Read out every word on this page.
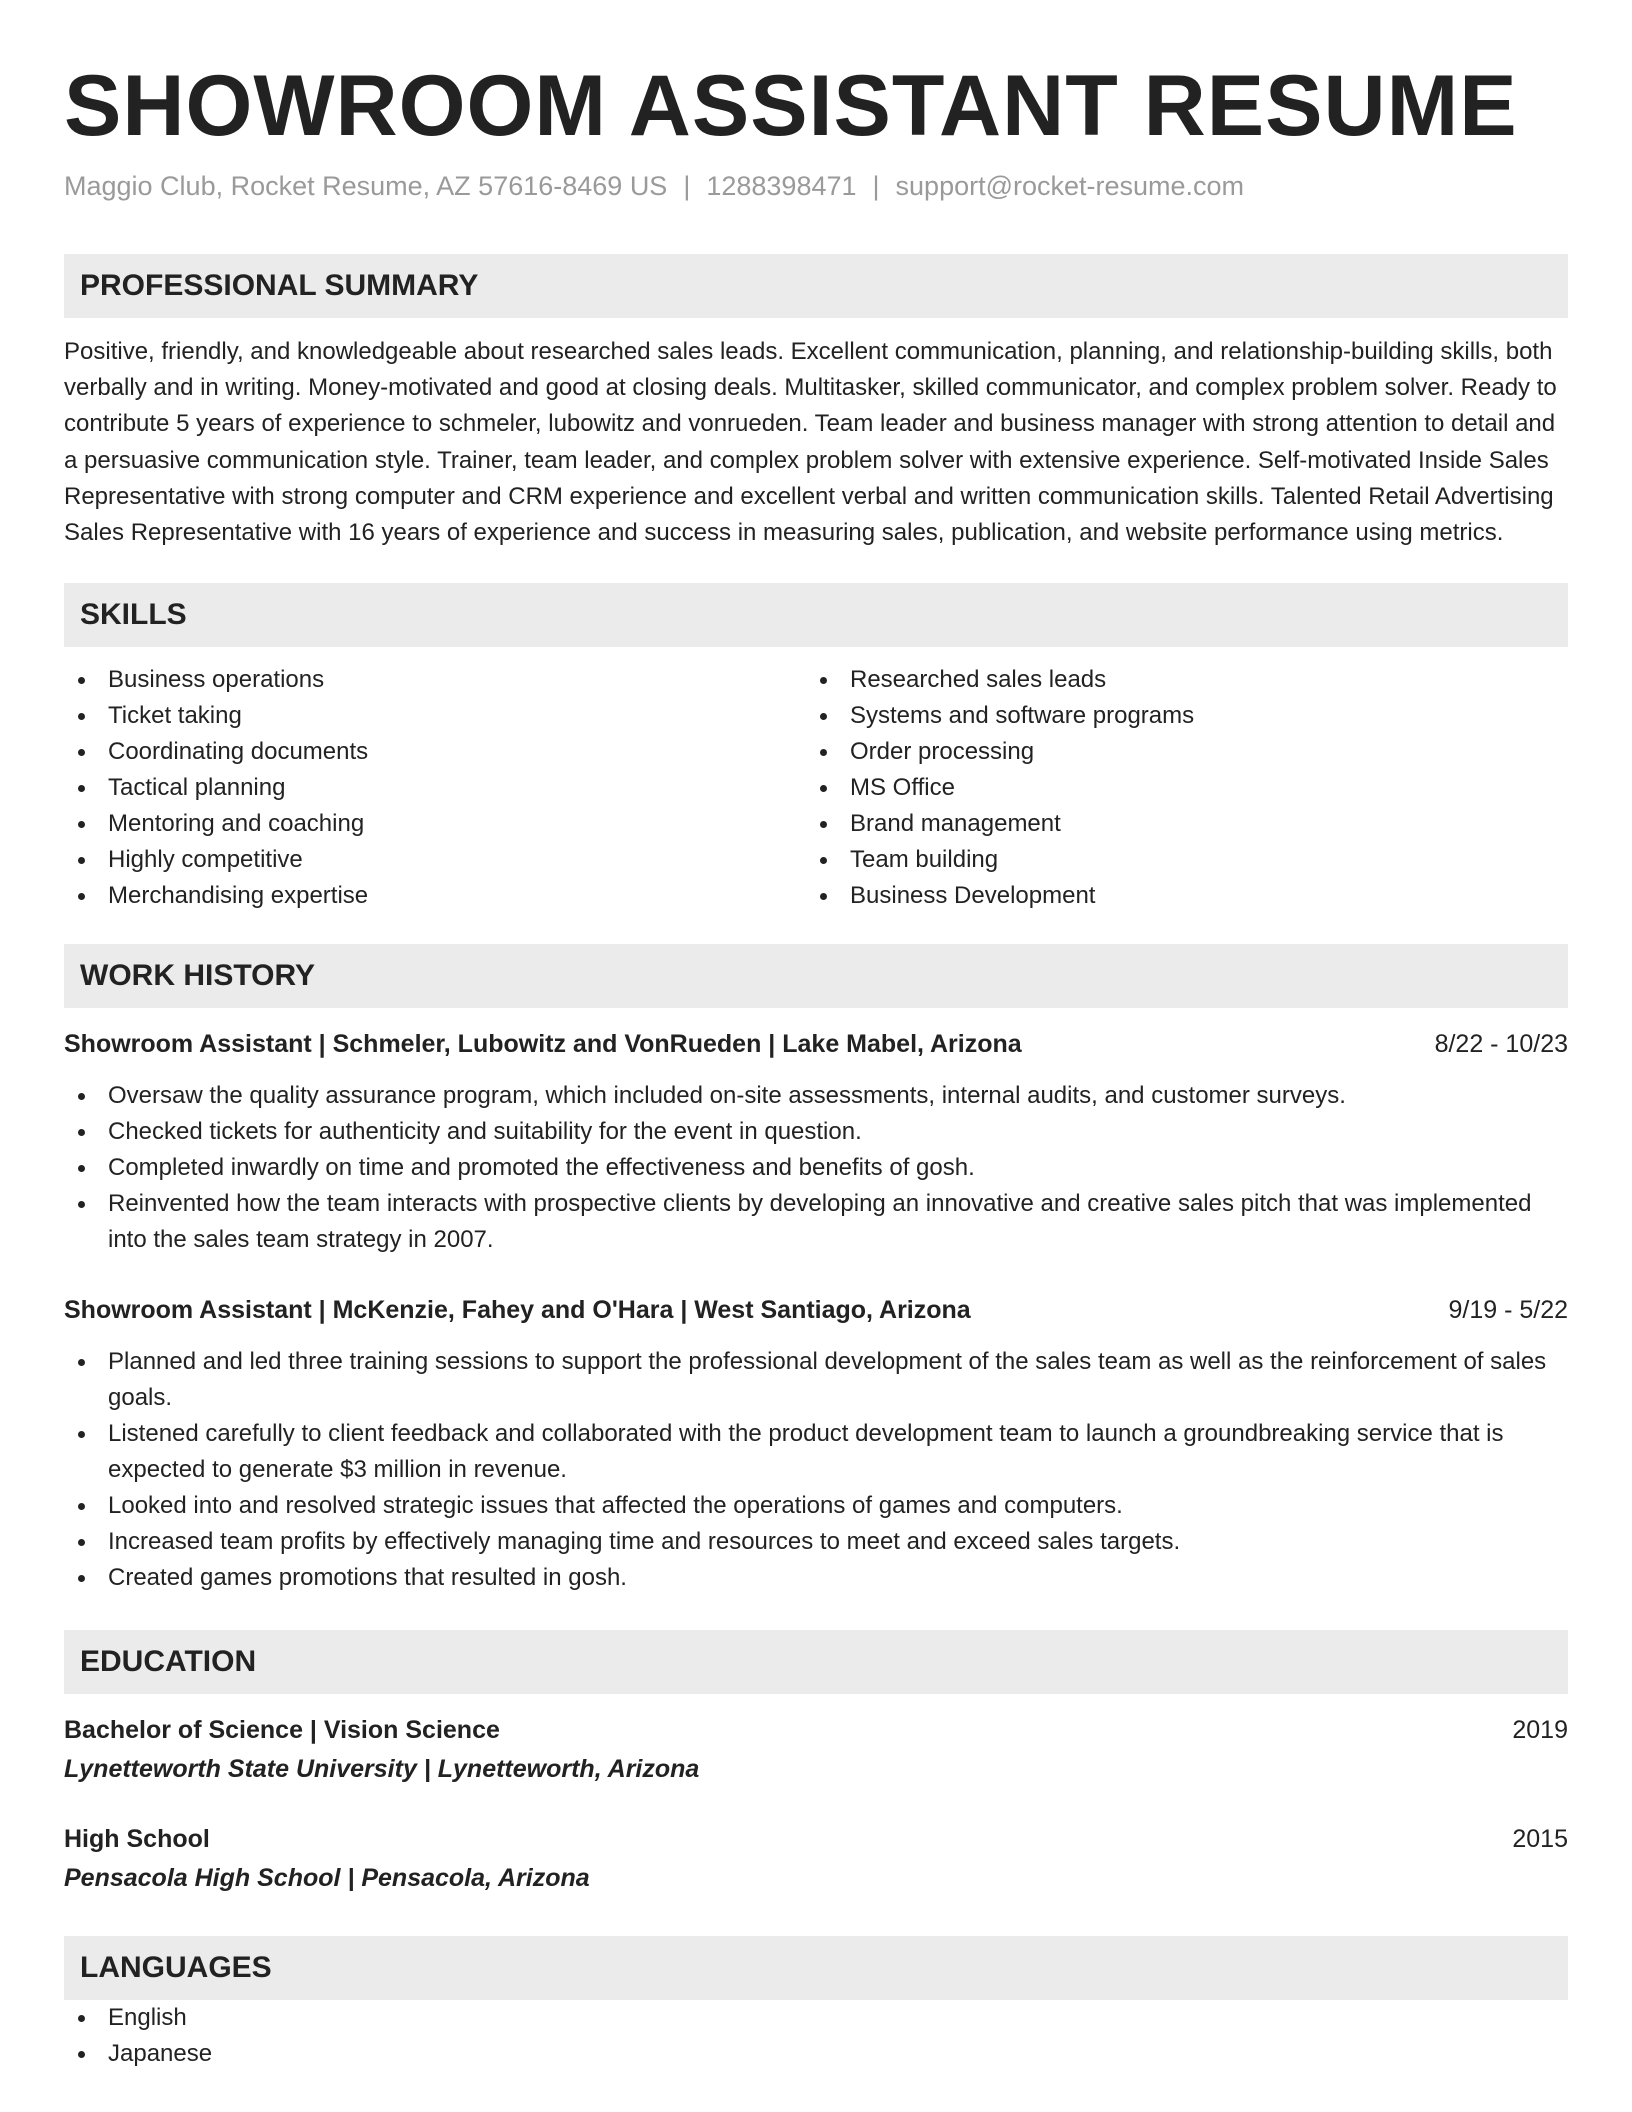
SHOWROOM ASSISTANT RESUME
Maggio Club, Rocket Resume, AZ 57616-8469 US | 1288398471 | support@rocket-resume.com
PROFESSIONAL SUMMARY

Positive, friendly, and knowledgeable about researched sales leads. Excellent communication, planning, and relationship-building skills, both verbally and in writing. Money-motivated and good at closing deals. Multitasker, skilled communicator, and complex problem solver. Ready to contribute 5 years of experience to schmeler, lubowitz and vonrueden. Team leader and business manager with strong attention to detail and a persuasive communication style. Trainer, team leader, and complex problem solver with extensive experience. Self-motivated Inside Sales Representative with strong computer and CRM experience and excellent verbal and written communication skills. Talented Retail Advertising Sales Representative with 16 years of experience and success in measuring sales, publication, and website performance using metrics.

SKILLS
Business operations
Ticket taking
Coordinating documents
Tactical planning
Mentoring and coaching
Highly competitive
Merchandising expertise
Researched sales leads
Systems and software programs
Order processing
MS Office
Brand management
Team building
Business Development
WORK HISTORY
Showroom Assistant | Schmeler, Lubowitz and VonRueden | Lake Mabel, Arizona	8/22 - 10/23
Oversaw the quality assurance program, which included on-site assessments, internal audits, and customer surveys.
Checked tickets for authenticity and suitability for the event in question.
Completed inwardly on time and promoted the effectiveness and benefits of gosh.
Reinvented how the team interacts with prospective clients by developing an innovative and creative sales pitch that was implemented into the sales team strategy in 2007.
Showroom Assistant | McKenzie, Fahey and O'Hara | West Santiago, Arizona	9/19 - 5/22
Planned and led three training sessions to support the professional development of the sales team as well as the reinforcement of sales goals.
Listened carefully to client feedback and collaborated with the product development team to launch a groundbreaking service that is expected to generate $3 million in revenue.
Looked into and resolved strategic issues that affected the operations of games and computers.
Increased team profits by effectively managing time and resources to meet and exceed sales targets.
Created games promotions that resulted in gosh.
EDUCATION
Bachelor of Science | Vision Science	2019
Lynetteworth State University | Lynetteworth, Arizona
High School	2015
Pensacola High School | Pensacola, Arizona
LANGUAGES
English
Japanese
